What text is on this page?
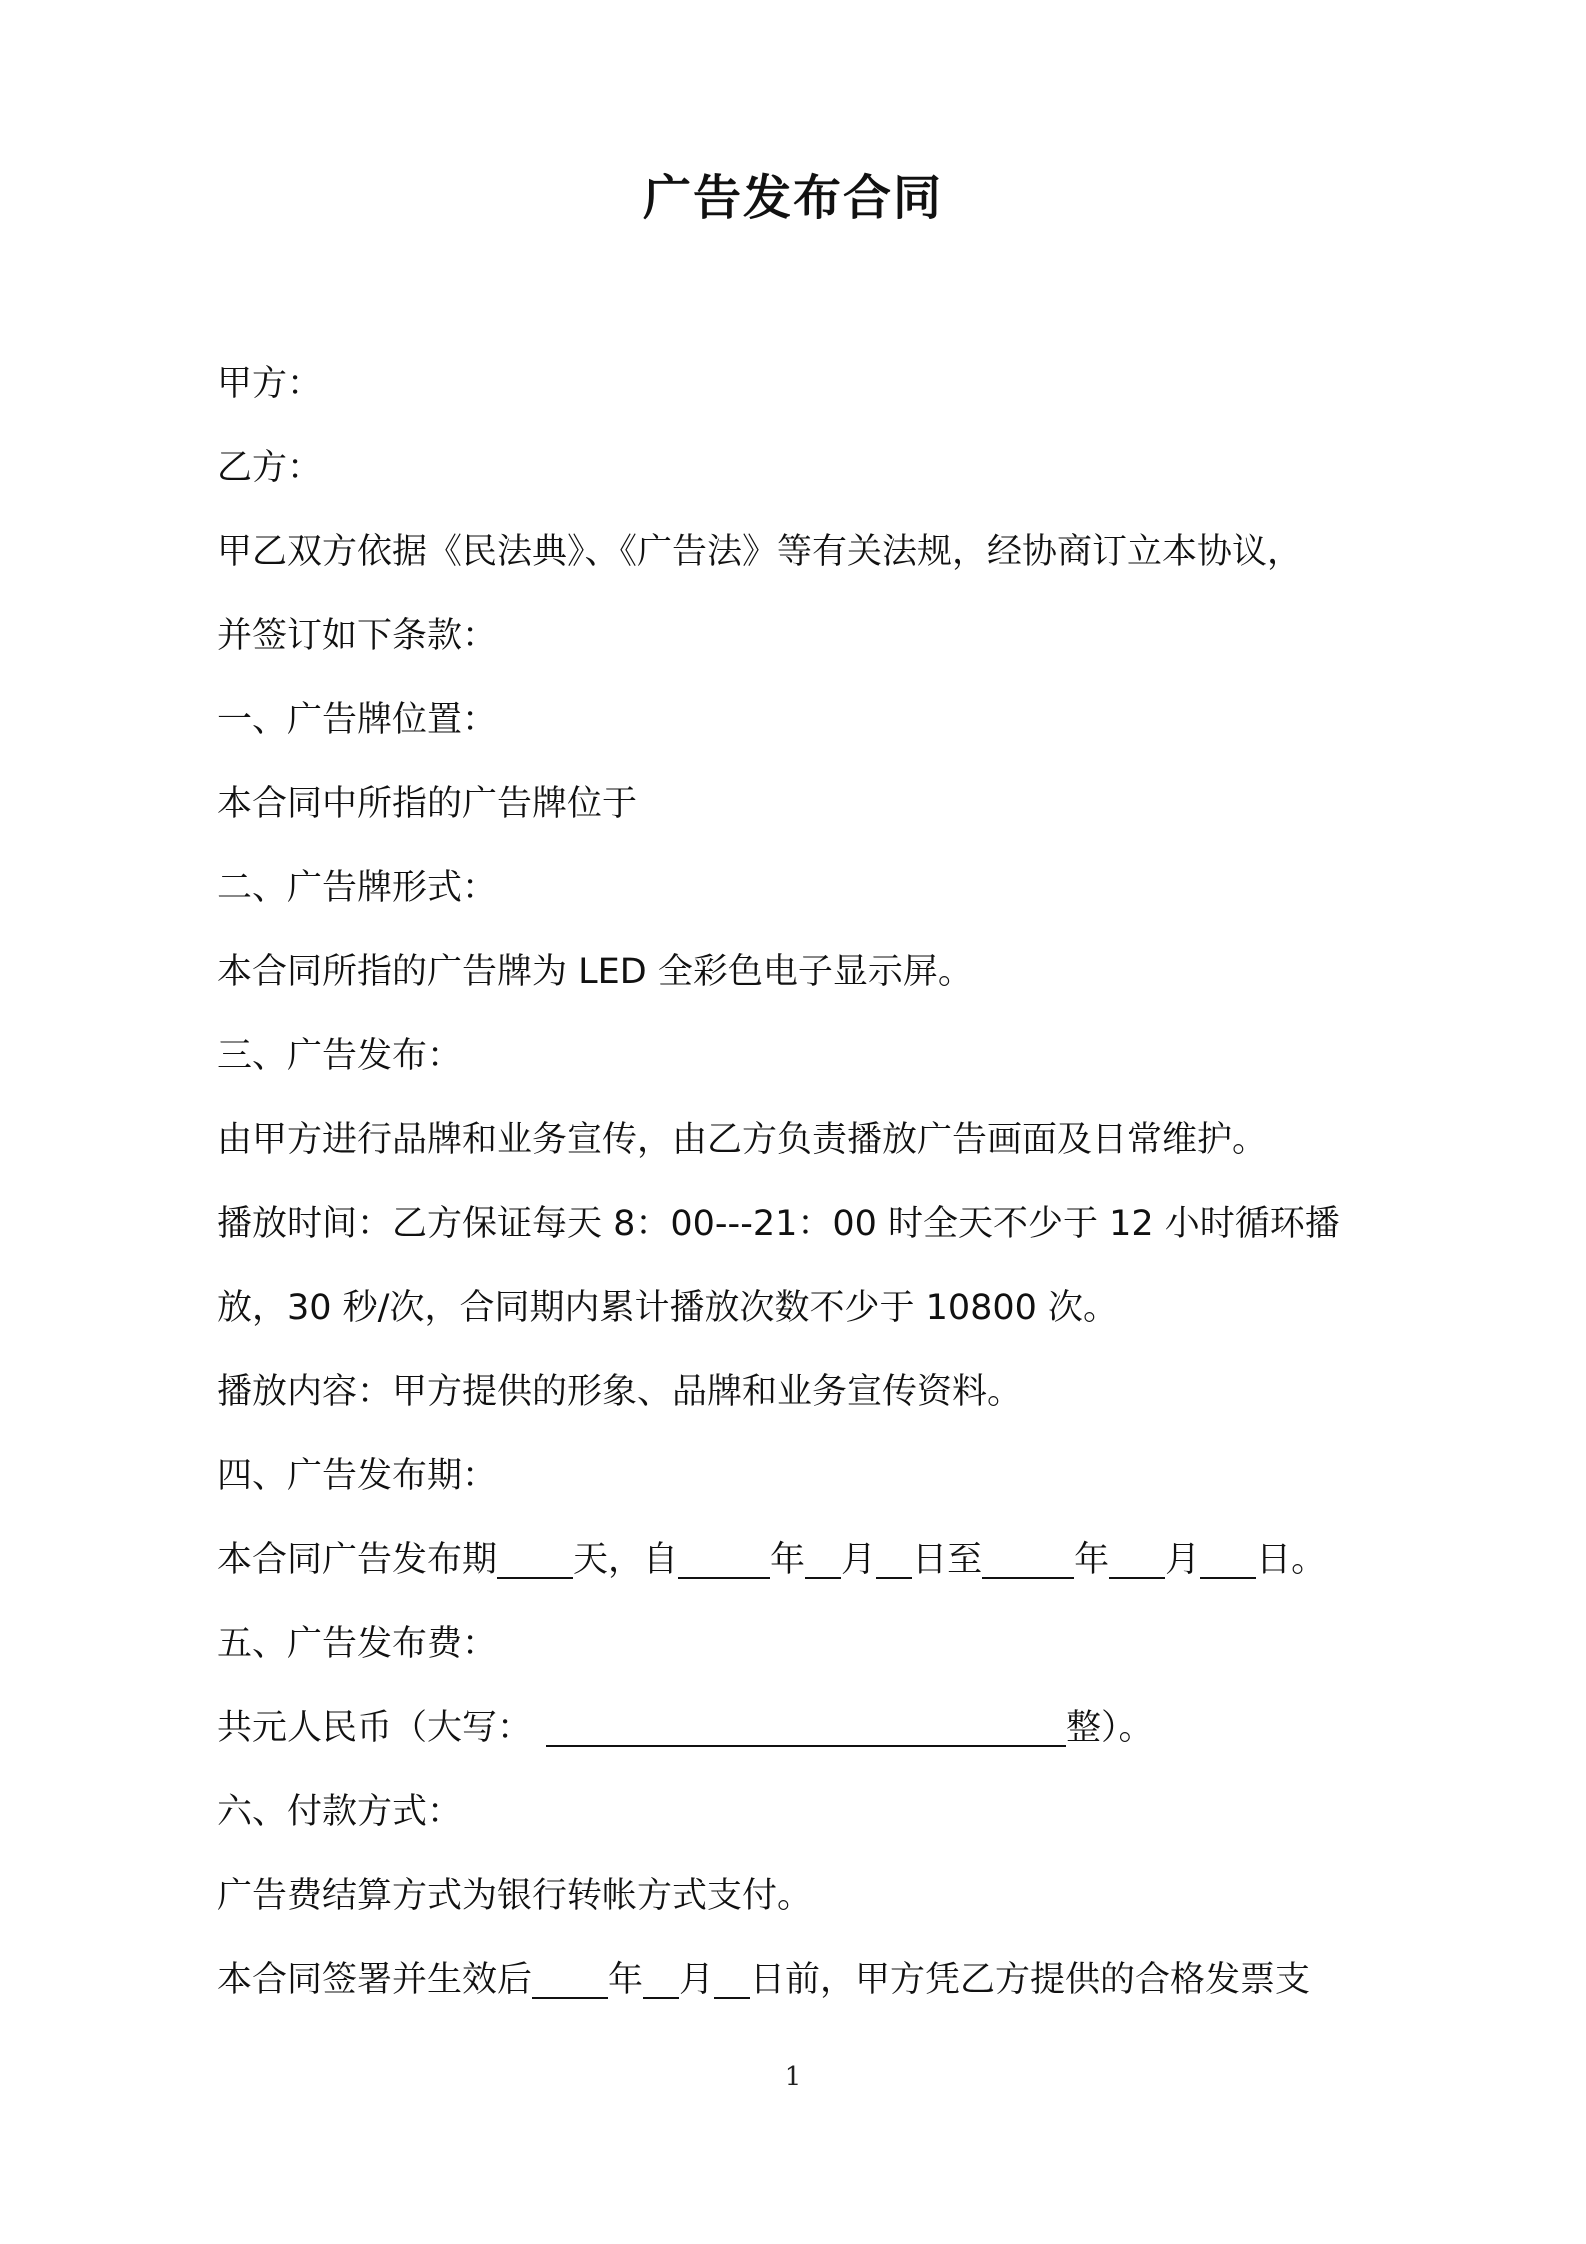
广告发布合同
甲方：
乙方：
甲乙双方依据《民法典》、《广告法》等有关法规，经协商订立本协议，
并签订如下条款：
一、广告牌位置：
本合同中所指的广告牌位于
二、广告牌形式：
本合同所指的广告牌为 LED 全彩色电子显示屏。
三、广告发布：
由甲方进行品牌和业务宣传，由乙方负责播放广告画面及日常维护。
播放时间：乙方保证每天 8：00---21：00 时全天不少于 12 小时循环播
放，30 秒/次，合同期内累计播放次数不少于 10800 次。
播放内容：甲方提供的形象、品牌和业务宣传资料。
四、广告发布期：
本合同广告发布期 天，自	年 月 日至	年 月 日。
五、广告发布费：
共元人民币（大写：	整）。
六、付款方式：
广告费结算方式为银行转帐方式支付。
本合同签署并生效后 年 月 日前，甲方凭乙方提供的合格发票支
1
